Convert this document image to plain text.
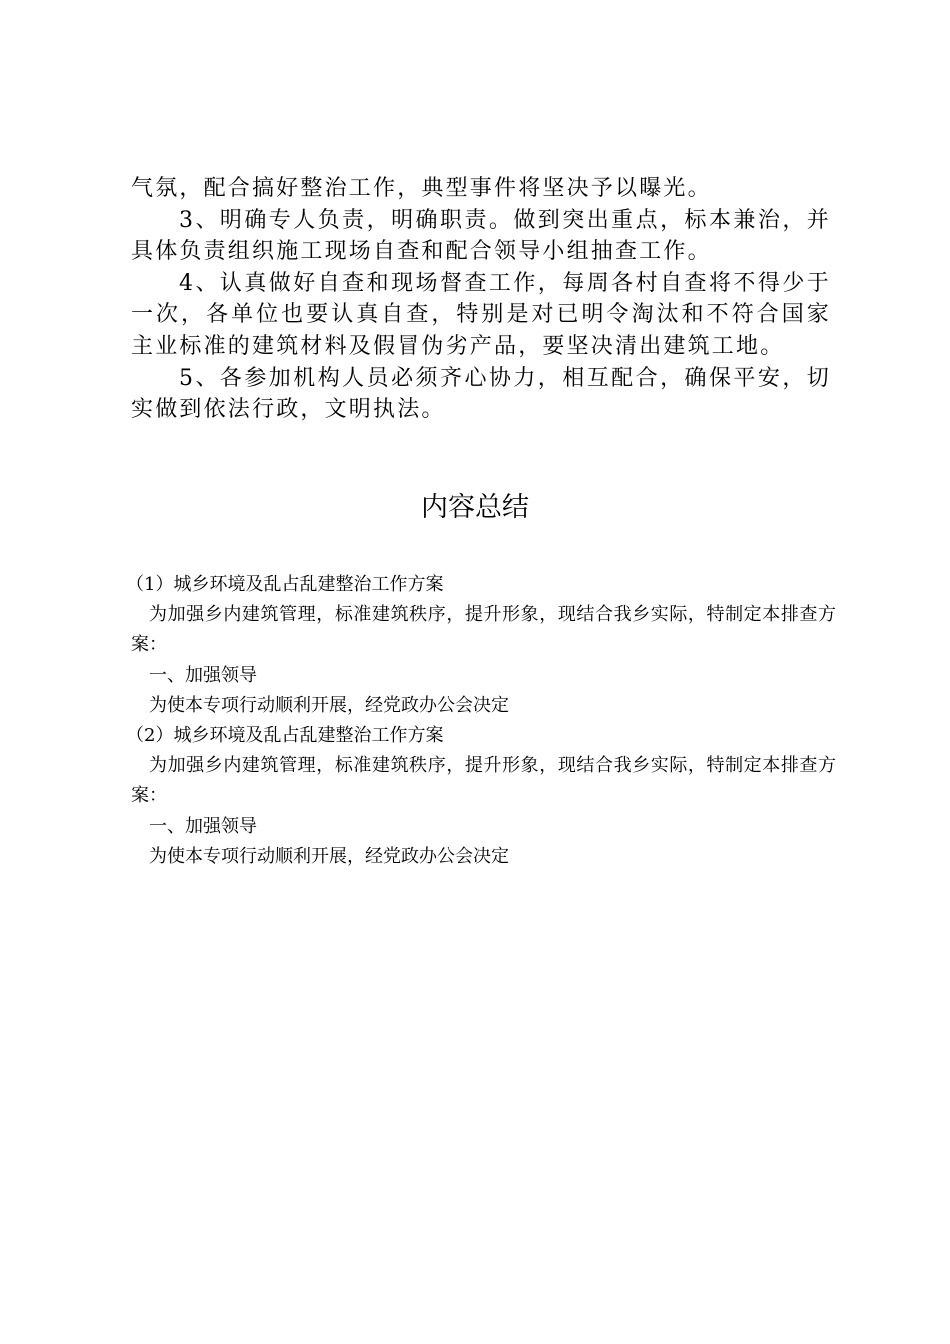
气氛，配合搞好整治工作，典型事件将坚决予以曝光。

3、明确专人负责，明确职责。做到突出重点，标本兼治，并具体负责组织施工现场自查和配合领导小组抽查工作。

4、认真做好自查和现场督查工作，每周各村自查将不得少于一次，各单位也要认真自查，特别是对已明令淘汰和不符合国家主业标准的建筑材料及假冒伪劣产品，要坚决清出建筑工地。

5、各参加机构人员必须齐心协力，相互配合，确保平安，切实做到依法行政，文明执法。

内容总结

（1）城乡环境及乱占乱建整治工作方案

为加强乡内建筑管理，标准建筑秩序，提升形象，现结合我乡实际，特制定本排查方案：

一、加强领导

为使本专项行动顺利开展，经党政办公会决定

（2）城乡环境及乱占乱建整治工作方案

为加强乡内建筑管理，标准建筑秩序，提升形象，现结合我乡实际，特制定本排查方案：

一、加强领导

为使本专项行动顺利开展，经党政办公会决定
